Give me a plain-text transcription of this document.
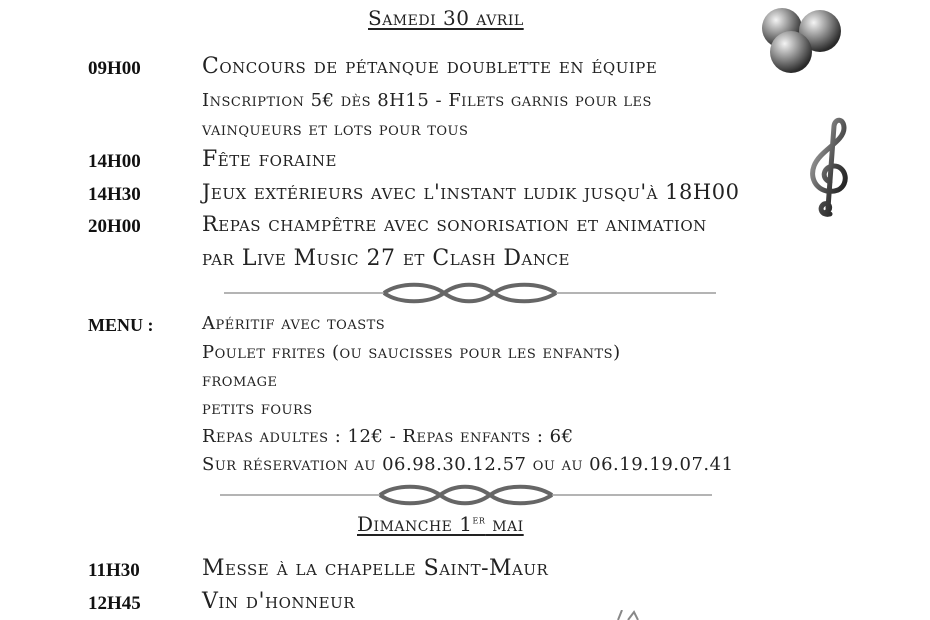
Samedi 30 avril
09H00	Concours de pétanque doublette en équipe
Inscription 5€ dès 8H15 - Filets garnis pour les
vainqueurs et lots pour tous
14H00	Fête foraine
14H30	Jeux extérieurs avec l'instant ludik jusqu'à 18H00
20H00	Repas champêtre avec sonorisation et animation
par Live Music 27 et Clash Dance
MENU :	Apéritif avec toasts
Poulet frites (ou saucisses pour les enfants)
fromage
petits fours
Repas adultes : 12€ - Repas enfants : 6€
Sur réservation au 06.98.30.12.57 ou au 06.19.19.07.41
Dimanche 1er mai
11H30	Messe à la chapelle Saint-Maur
12H45	Vin d'honneur
